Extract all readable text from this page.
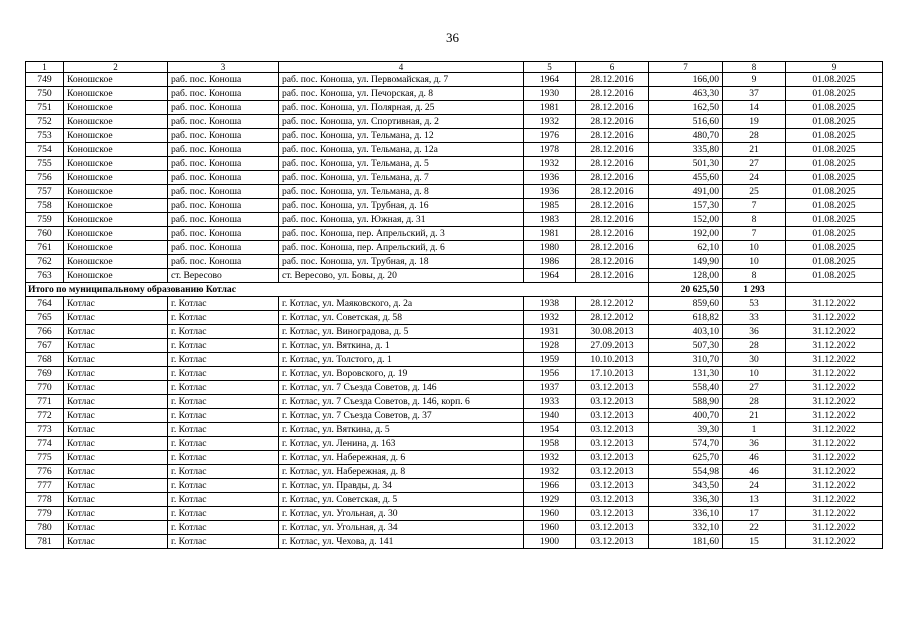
36
1	2	3	4	5	6	7	8	9
749	Коношское	раб. пос. Коноша	раб. пос. Коноша, ул. Первомайская, д. 7	1964	28.12.2016	166,00	9	01.08.2025
750	Коношское	раб. пос. Коноша	раб. пос. Коноша, ул. Печорская, д. 8	1930	28.12.2016	463,30	37	01.08.2025
751	Коношское	раб. пос. Коноша	раб. пос. Коноша, ул. Полярная, д. 25	1981	28.12.2016	162,50	14	01.08.2025
752	Коношское	раб. пос. Коноша	раб. пос. Коноша, ул. Спортивная, д. 2	1932	28.12.2016	516,60	19	01.08.2025
753	Коношское	раб. пос. Коноша	раб. пос. Коноша, ул. Тельмана, д. 12	1976	28.12.2016	480,70	28	01.08.2025
754	Коношское	раб. пос. Коноша	раб. пос. Коноша, ул. Тельмана, д. 12а	1978	28.12.2016	335,80	21	01.08.2025
755	Коношское	раб. пос. Коноша	раб. пос. Коноша, ул. Тельмана, д. 5	1932	28.12.2016	501,30	27	01.08.2025
756	Коношское	раб. пос. Коноша	раб. пос. Коноша, ул. Тельмана, д. 7	1936	28.12.2016	455,60	24	01.08.2025
757	Коношское	раб. пос. Коноша	раб. пос. Коноша, ул. Тельмана, д. 8	1936	28.12.2016	491,00	25	01.08.2025
758	Коношское	раб. пос. Коноша	раб. пос. Коноша, ул. Трубная, д. 16	1985	28.12.2016	157,30	7	01.08.2025
759	Коношское	раб. пос. Коноша	раб. пос. Коноша, ул. Южная, д. 31	1983	28.12.2016	152,00	8	01.08.2025
760	Коношское	раб. пос. Коноша	раб. пос. Коноша, пер. Апрельский, д. 3	1981	28.12.2016	192,00	7	01.08.2025
761	Коношское	раб. пос. Коноша	раб. пос. Коноша, пер. Апрельский, д. 6	1980	28.12.2016	62,10	10	01.08.2025
762	Коношское	раб. пос. Коноша	раб. пос. Коноша, ул. Трубная, д. 18	1986	28.12.2016	149,90	10	01.08.2025
763	Коношское	ст. Вересово	ст. Вересово, ул. Бовы, д. 20	1964	28.12.2016	128,00	8	01.08.2025
Итого по муниципальному образованию Котлас						20 625,50	1 293	
764	Котлас	г. Котлас	г. Котлас, ул. Маяковского, д. 2а	1938	28.12.2012	859,60	53	31.12.2022
765	Котлас	г. Котлас	г. Котлас, ул. Советская, д. 58	1932	28.12.2012	618,82	33	31.12.2022
766	Котлас	г. Котлас	г. Котлас, ул. Виноградова, д. 5	1931	30.08.2013	403,10	36	31.12.2022
767	Котлас	г. Котлас	г. Котлас, ул. Вяткина, д. 1	1928	27.09.2013	507,30	28	31.12.2022
768	Котлас	г. Котлас	г. Котлас, ул. Толстого, д. 1	1959	10.10.2013	310,70	30	31.12.2022
769	Котлас	г. Котлас	г. Котлас, ул. Воровского, д. 19	1956	17.10.2013	131,30	10	31.12.2022
770	Котлас	г. Котлас	г. Котлас, ул. 7 Съезда Советов, д. 146	1937	03.12.2013	558,40	27	31.12.2022
771	Котлас	г. Котлас	г. Котлас, ул. 7 Съезда Советов, д. 146, корп. 6	1933	03.12.2013	588,90	28	31.12.2022
772	Котлас	г. Котлас	г. Котлас, ул. 7 Съезда Советов, д. 37	1940	03.12.2013	400,70	21	31.12.2022
773	Котлас	г. Котлас	г. Котлас, ул. Вяткина, д. 5	1954	03.12.2013	39,30	1	31.12.2022
774	Котлас	г. Котлас	г. Котлас, ул. Ленина, д. 163	1958	03.12.2013	574,70	36	31.12.2022
775	Котлас	г. Котлас	г. Котлас, ул. Набережная, д. 6	1932	03.12.2013	625,70	46	31.12.2022
776	Котлас	г. Котлас	г. Котлас, ул. Набережная, д. 8	1932	03.12.2013	554,98	46	31.12.2022
777	Котлас	г. Котлас	г. Котлас, ул. Правды, д. 34	1966	03.12.2013	343,50	24	31.12.2022
778	Котлас	г. Котлас	г. Котлас, ул. Советская, д. 5	1929	03.12.2013	336,30	13	31.12.2022
779	Котлас	г. Котлас	г. Котлас, ул. Угольная, д. 30	1960	03.12.2013	336,10	17	31.12.2022
780	Котлас	г. Котлас	г. Котлас, ул. Угольная, д. 34	1960	03.12.2013	332,10	22	31.12.2022
781	Котлас	г. Котлас	г. Котлас, ул. Чехова, д. 141	1900	03.12.2013	181,60	15	31.12.2022
